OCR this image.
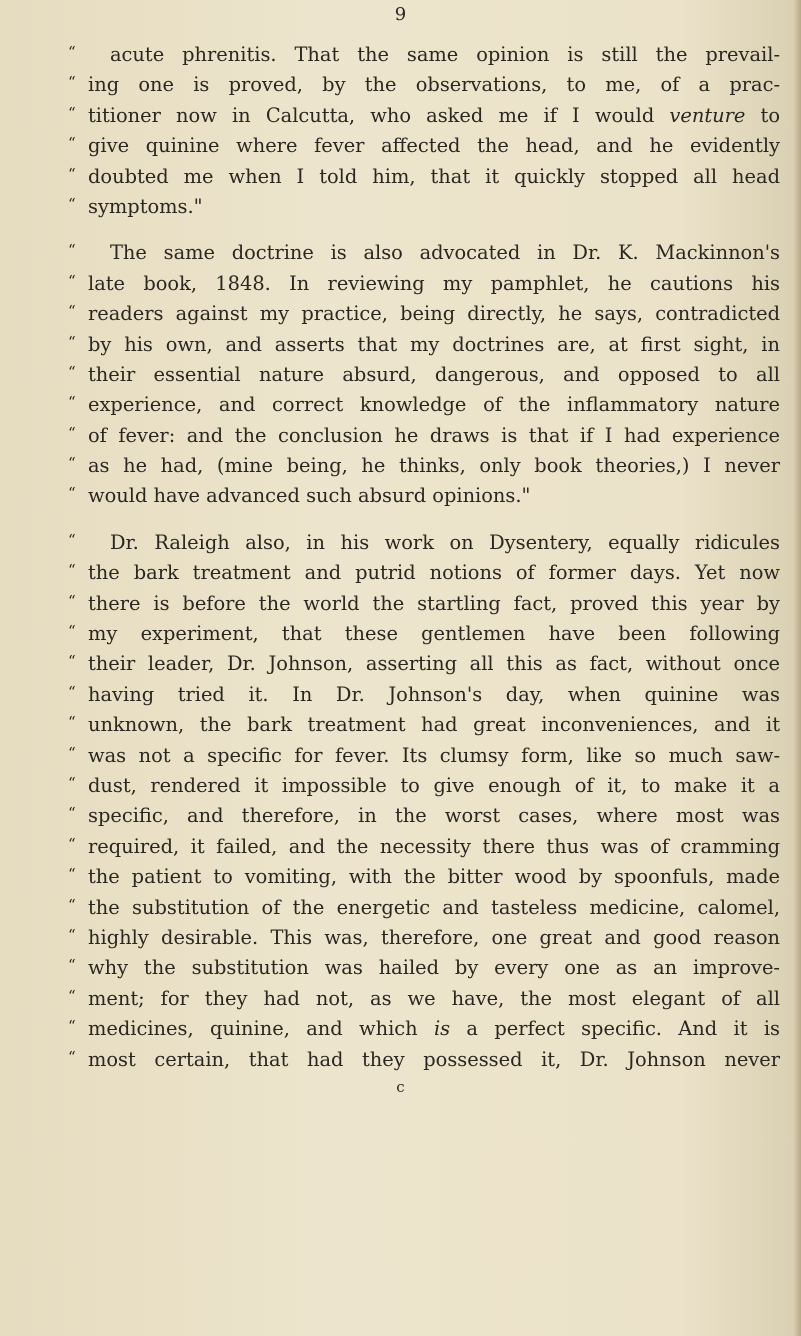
9
“ acute phrenitis. That the same opinion is still the prevail-
“ ing one is proved, by the observations, to me, of a prac-
“ titioner now in Calcutta, who asked me if I would venture to
“ give quinine where fever affected the head, and he evidently
“ doubted me when I told him, that it quickly stopped all head
“ symptoms."
“ The same doctrine is also advocated in Dr. K. Mackinnon's
“ late book, 1848. In reviewing my pamphlet, he cautions his
“ readers against my practice, being directly, he says, contradicted
“ by his own, and asserts that my doctrines are, at first sight, in
“ their essential nature absurd, dangerous, and opposed to all
“ experience, and correct knowledge of the inflammatory nature
“ of fever: and the conclusion he draws is that if I had experience
“ as he had, (mine being, he thinks, only book theories,) I never
“ would have advanced such absurd opinions."
“ Dr. Raleigh also, in his work on Dysentery, equally ridicules
“ the bark treatment and putrid notions of former days. Yet now
“ there is before the world the startling fact, proved this year by
“ my experiment, that these gentlemen have been following
“ their leader, Dr. Johnson, asserting all this as fact, without once
“ having tried it. In Dr. Johnson's day, when quinine was
“ unknown, the bark treatment had great inconveniences, and it
“ was not a specific for fever. Its clumsy form, like so much saw-
“ dust, rendered it impossible to give enough of it, to make it a
“ specific, and therefore, in the worst cases, where most was
“ required, it failed, and the necessity there thus was of cramming
“ the patient to vomiting, with the bitter wood by spoonfuls, made
“ the substitution of the energetic and tasteless medicine, calomel,
“ highly desirable. This was, therefore, one great and good reason
“ why the substitution was hailed by every one as an improve-
“ ment; for they had not, as we have, the most elegant of all
“ medicines, quinine, and which is a perfect specific. And it is
“ most certain, that had they possessed it, Dr. Johnson never
c
